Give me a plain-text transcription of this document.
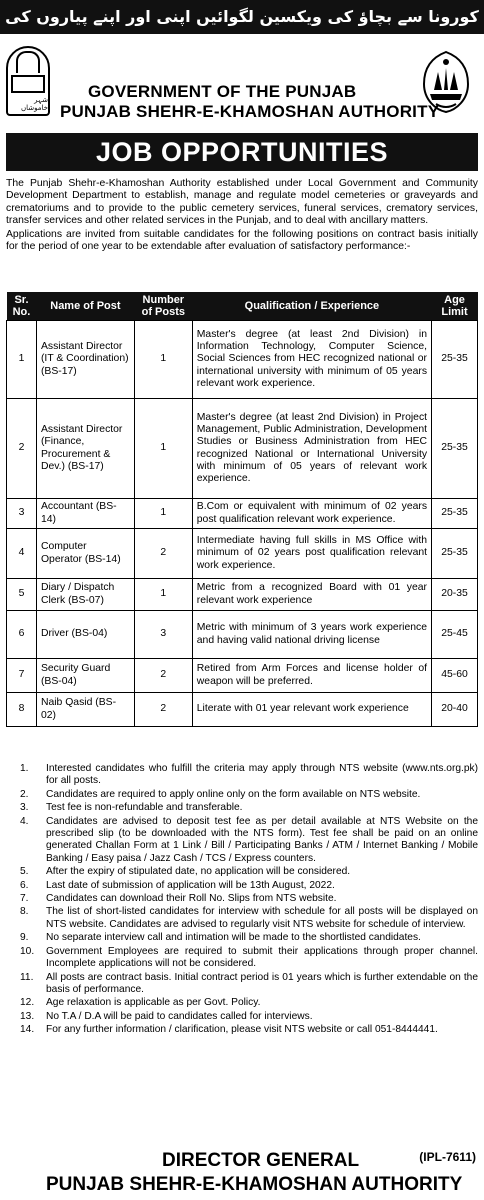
کورونا سے بچاؤ کی ویکسین لگوائیں اپنی اور اپنے پیاروں کی زندگیوں کو محفوظ بنائیں
شہر خاموشاں
GOVERNMENT OF THE PUNJAB
PUNJAB SHEHR-E-KHAMOSHAN AUTHORITY
JOB OPPORTUNITIES

The Punjab Shehr-e-Khamoshan Authority established under Local Government and Community Development Department to establish, manage and regulate model cemeteries or graveyards and crematoriums and to provide to the public cemetery services, funeral services, crematory services, transfer services and other related services in the Punjab, and to deal with ancillary matters.

Applications are invited from suitable candidates for the following positions on contract basis initially for the period of one year to be extendable after evaluation of satisfactory performance:-

Sr. No.	Name of Post	Number of Posts	Qualification / Experience	Age Limit
1	Assistant Director (IT & Coordination) (BS-17)	1	Master's degree (at least 2nd Division) in Information Technology, Computer Science, Social Sciences from HEC recognized national or international university with minimum of 05 years relevant work experience.	25-35
2	Assistant Director (Finance, Procurement & Dev.) (BS-17)	1	Master's degree (at least 2nd Division) in Project Management, Public Administration, Development Studies or Business Administration from HEC recognized National or International University with minimum of 05 years of relevant work experience.	25-35
3	Accountant (BS-14)	1	B.Com or equivalent with minimum of 02 years post qualification relevant work experience.	25-35
4	Computer Operator (BS-14)	2	Intermediate having full skills in MS Office with minimum of 02 years post qualification relevant work experience.	25-35
5	Diary / Dispatch Clerk (BS-07)	1	Metric from a recognized Board with 01 year relevant work experience	20-35
6	Driver (BS-04)	3	Metric with minimum of 3 years work experience and having valid national driving license	25-45
7	Security Guard (BS-04)	2	Retired from Arm Forces and license holder of weapon will be preferred.	45-60
8	Naib Qasid (BS-02)	2	Literate with 01 year relevant work experience	20-40
1. Interested candidates who fulfill the criteria may apply through NTS website (www.nts.org.pk) for all posts.
2. Candidates are required to apply online only on the form available on NTS website.
3. Test fee is non-refundable and transferable.
4. Candidates are advised to deposit test fee as per detail available at NTS Website on the prescribed slip (to be downloaded with the NTS form). Test fee shall be paid on an online generated Challan Form at 1 Link / Bill / Participating Banks / ATM / Internet Banking / Mobile Banking / Easy paisa / Jazz Cash / TCS / Express counters.
5. After the expiry of stipulated date, no application will be considered.
6. Last date of submission of application will be 13th August, 2022.
7. Candidates can download their Roll No. Slips from NTS website.
8. The list of short-listed candidates for interview with schedule for all posts will be displayed on NTS website. Candidates are advised to regularly visit NTS website for schedule of interview.
9. No separate interview call and intimation will be made to the shortlisted candidates.
10. Government Employees are required to submit their applications through proper channel. Incomplete applications will not be considered.
11. All posts are contract basis. Initial contract period is 01 years which is further extendable on the basis of performance.
12. Age relaxation is applicable as per Govt. Policy.
13. No T.A / D.A will be paid to candidates called for interviews.
14. For any further information / clarification, please visit NTS website or call 051-8444441.
DIRECTOR GENERAL	(IPL-7611)
PUNJAB SHEHR-E-KHAMOSHAN AUTHORITY
